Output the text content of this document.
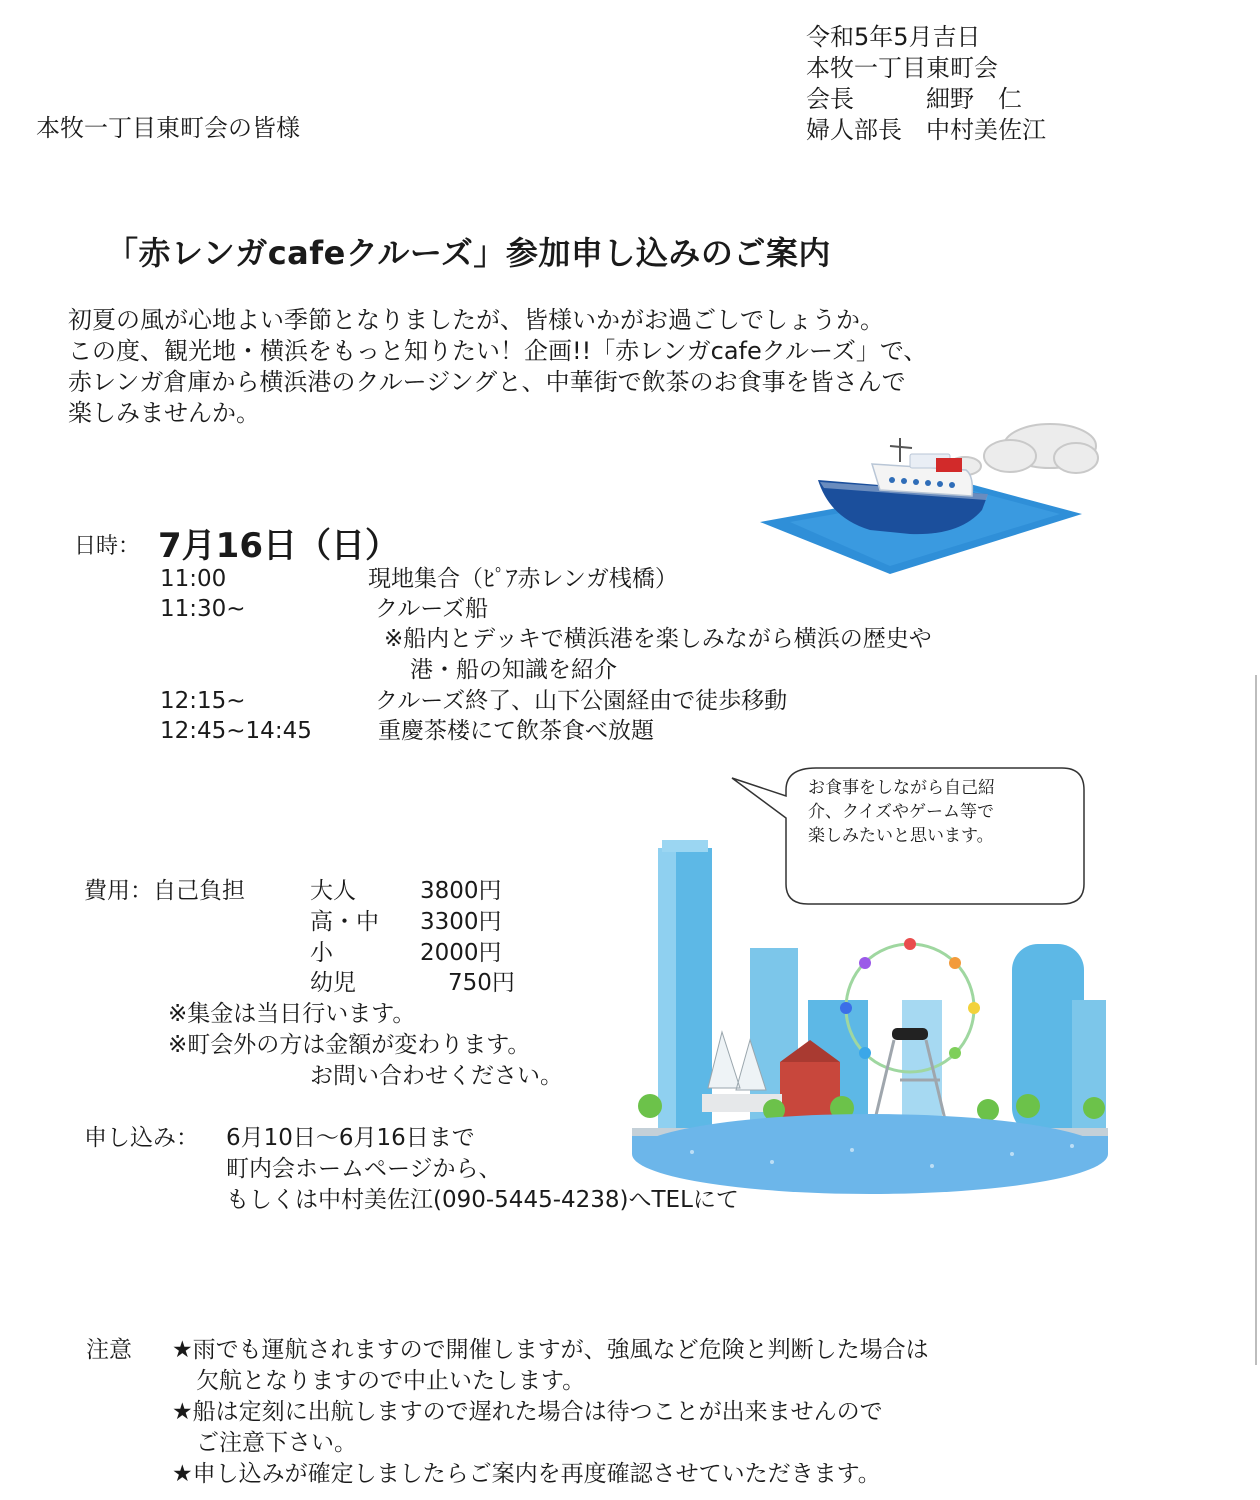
令和5年5月吉日
本牧一丁目東町会
会長　　　細野　仁
婦人部長　中村美佐江
本牧一丁目東町会の皆様
「赤レンガcafeクルーズ」参加申し込みのご案内
初夏の風が心地よい季節となりましたが、皆様いかがお過ごしでしょうか。
この度、観光地・横浜をもっと知りたい！企画!!「赤レンガcafeクルーズ」で、
赤レンガ倉庫から横浜港のクルージングと、中華街で飲茶のお食事を皆さんで
楽しみませんか。
日時： 7月16日（日）
11:00	現地集合（ﾋﾟｱ赤レンガ桟橋）
11:30~	クルーズ船
※船内とデッキで横浜港を楽しみながら横浜の歴史や
港・船の知識を紹介
12:15~	クルーズ終了、山下公園経由で徒歩移動
12:45~14:45	重慶茶楼にて飲茶食べ放題
お食事をしながら自己紹
介、クイズやゲーム等で
楽しみたいと思います。
費用：自己負担	大人	3800円
高・中 3300円
小	2000円
幼児	750円
※集金は当日行います。
※町会外の方は金額が変わります。
お問い合わせください。
申し込み： 6月10日～6月16日まで
町内会ホームページから、
もしくは中村美佐江(090-5445-4238)へTELにて
注意 ★雨でも運航されますので開催しますが、強風など危険と判断した場合は
欠航となりますので中止いたします。
★船は定刻に出航しますので遅れた場合は待つことが出来ませんので
ご注意下さい。
★申し込みが確定しましたらご案内を再度確認させていただきます。
